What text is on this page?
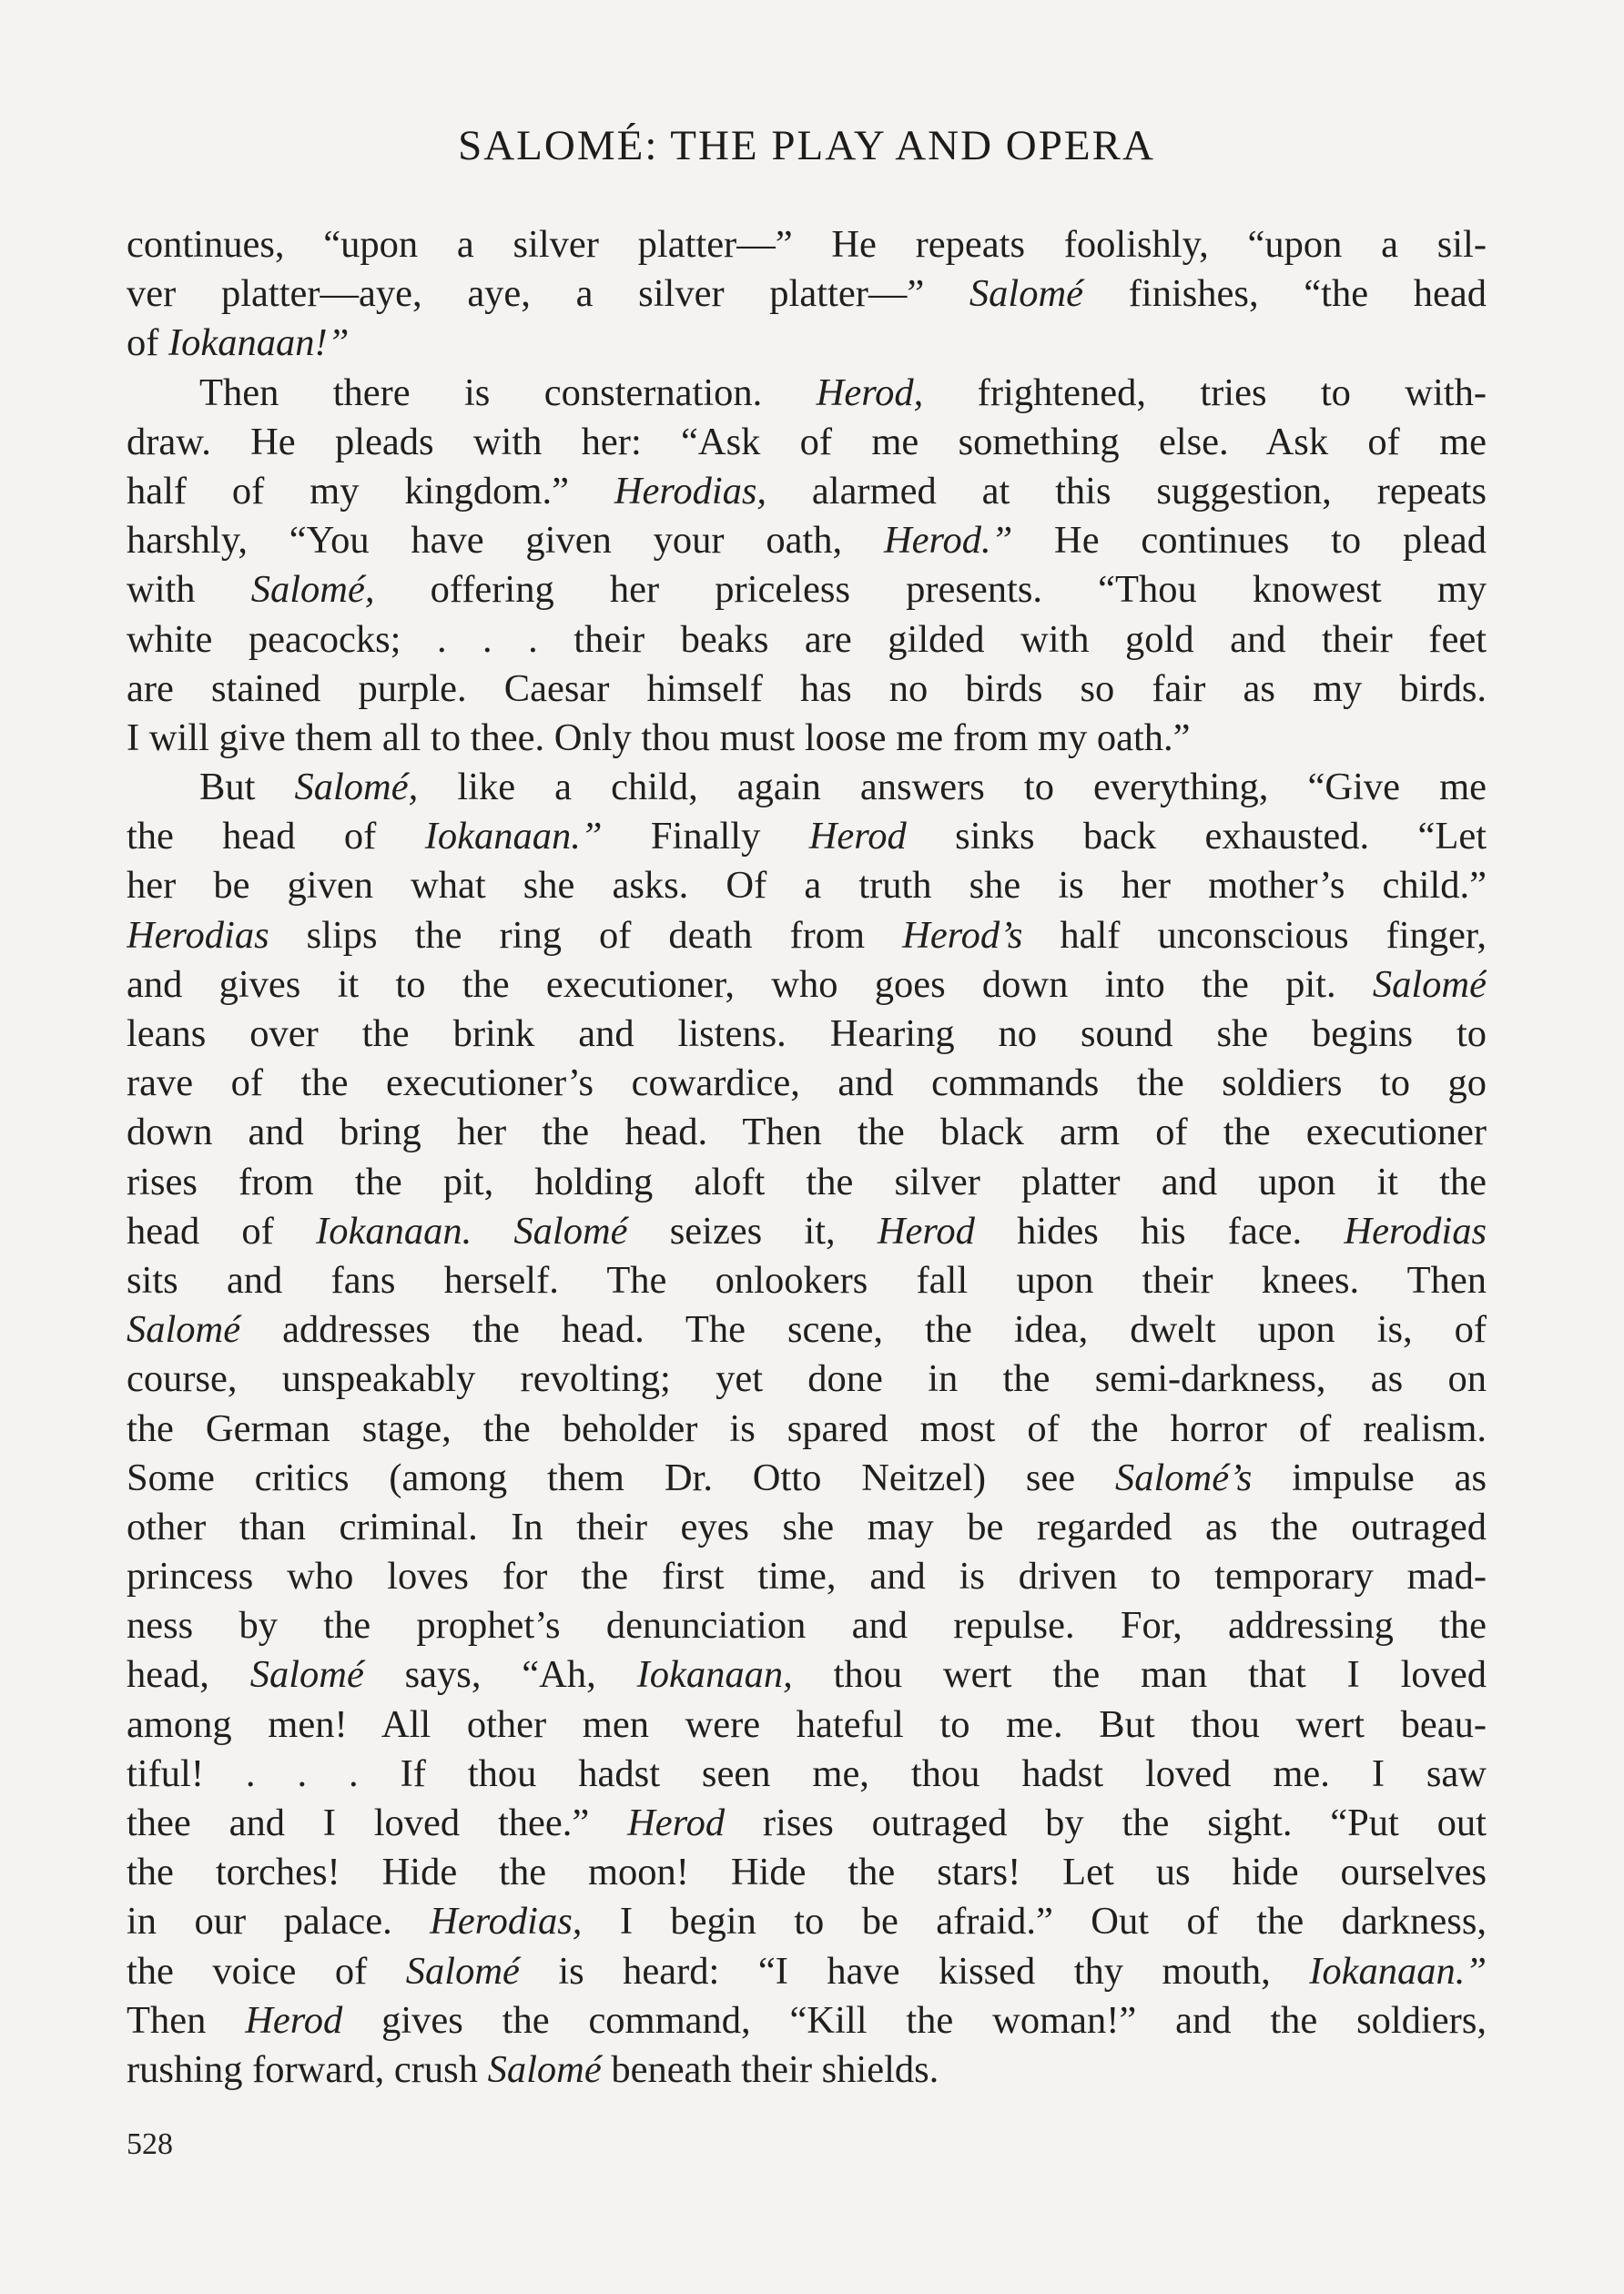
SALOMÉ: THE PLAY AND OPERA
continues, “upon a silver platter—” He repeats foolishly, “upon a sil-
ver platter—aye, aye, a silver platter—” Salomé finishes, “the head
of Iokanaan!”
Then there is consternation. Herod, frightened, tries to with-
draw. He pleads with her: “Ask of me something else. Ask of me
half of my kingdom.” Herodias, alarmed at this suggestion, repeats
harshly, “You have given your oath, Herod.” He continues to plead
with Salomé, offering her priceless presents. “Thou knowest my
white peacocks; . . . their beaks are gilded with gold and their feet
are stained purple. Caesar himself has no birds so fair as my birds.
I will give them all to thee. Only thou must loose me from my oath.”
But Salomé, like a child, again answers to everything, “Give me
the head of Iokanaan.” Finally Herod sinks back exhausted. “Let
her be given what she asks. Of a truth she is her mother’s child.”
Herodias slips the ring of death from Herod’s half unconscious finger,
and gives it to the executioner, who goes down into the pit. Salomé
leans over the brink and listens. Hearing no sound she begins to
rave of the executioner’s cowardice, and commands the soldiers to go
down and bring her the head. Then the black arm of the executioner
rises from the pit, holding aloft the silver platter and upon it the
head of Iokanaan. Salomé seizes it, Herod hides his face. Herodias
sits and fans herself. The onlookers fall upon their knees. Then
Salomé addresses the head. The scene, the idea, dwelt upon is, of
course, unspeakably revolting; yet done in the semi-darkness, as on
the German stage, the beholder is spared most of the horror of realism.
Some critics (among them Dr. Otto Neitzel) see Salomé’s impulse as
other than criminal. In their eyes she may be regarded as the outraged
princess who loves for the first time, and is driven to temporary mad-
ness by the prophet’s denunciation and repulse. For, addressing the
head, Salomé says, “Ah, Iokanaan, thou wert the man that I loved
among men! All other men were hateful to me. But thou wert beau-
tiful! . . . If thou hadst seen me, thou hadst loved me. I saw
thee and I loved thee.” Herod rises outraged by the sight. “Put out
the torches! Hide the moon! Hide the stars! Let us hide ourselves
in our palace. Herodias, I begin to be afraid.” Out of the darkness,
the voice of Salomé is heard: “I have kissed thy mouth, Iokanaan.”
Then Herod gives the command, “Kill the woman!” and the soldiers,
rushing forward, crush Salomé beneath their shields.
528
